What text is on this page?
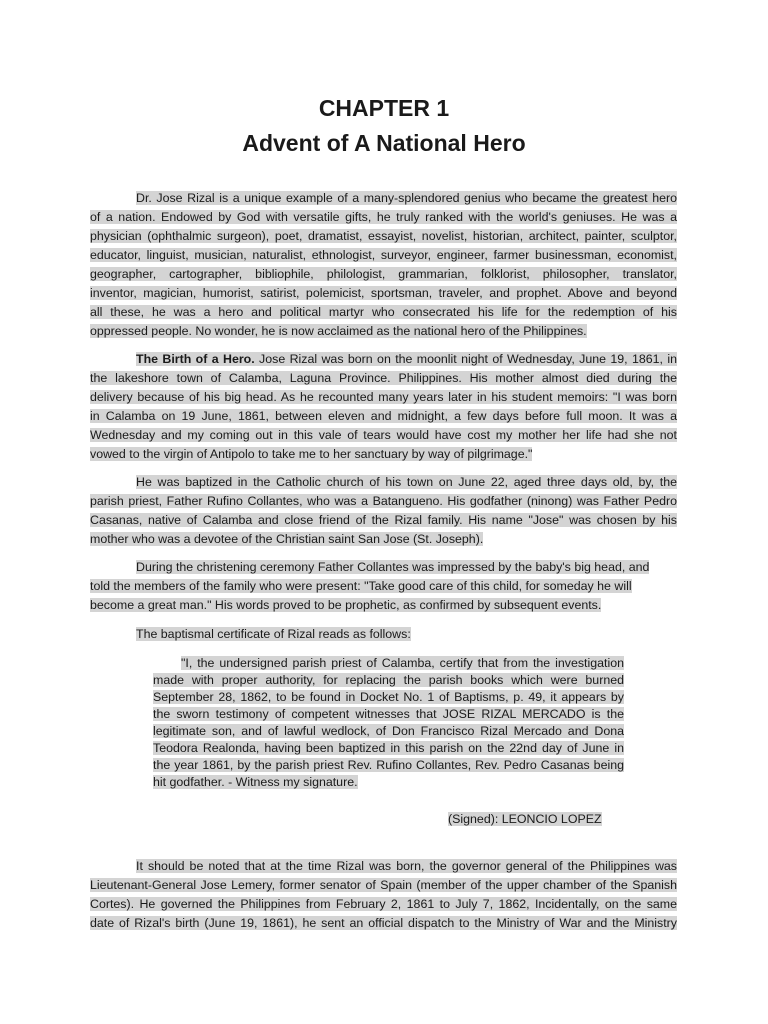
CHAPTER 1
Advent of A National Hero
Dr. Jose Rizal is a unique example of a many-splendored genius who became the greatest hero
of a nation. Endowed by God with versatile gifts, he truly ranked with the world's geniuses. He was a
physician (ophthalmic surgeon), poet, dramatist, essayist, novelist, historian, architect, painter, sculptor,
educator, linguist, musician, naturalist, ethnologist, surveyor, engineer, farmer businessman, economist,
geographer, cartographer, bibliophile, philologist, grammarian, folklorist, philosopher, translator,
inventor, magician, humorist, satirist, polemicist, sportsman, traveler, and prophet. Above and beyond
all these, he was a hero and political martyr who consecrated his life for the redemption of his
oppressed people. No wonder, he is now acclaimed as the national hero of the Philippines.
The Birth of a Hero. Jose Rizal was born on the moonlit night of Wednesday, June 19, 1861, in
the lakeshore town of Calamba, Laguna Province. Philippines. His mother almost died during the
delivery because of his big head. As he recounted many years later in his student memoirs: "I was born
in Calamba on 19 June, 1861, between eleven and midnight, a few days before full moon. It was a
Wednesday and my coming out in this vale of tears would have cost my mother her life had she not
vowed to the virgin of Antipolo to take me to her sanctuary by way of pilgrimage."
He was baptized in the Catholic church of his town on June 22, aged three days old, by, the
parish priest, Father Rufino Collantes, who was a Batangueno. His godfather (ninong) was Father Pedro
Casanas, native of Calamba and close friend of the Rizal family. His name "Jose" was chosen by his
mother who was a devotee of the Christian saint San Jose (St. Joseph).
During the christening ceremony Father Collantes was impressed by the baby's big head, and
told the members of the family who were present: "Take good care of this child, for someday he will
become a great man." His words proved to be prophetic, as confirmed by subsequent events.
The baptismal certificate of Rizal reads as follows:
"I, the undersigned parish priest of Calamba, certify that from the investigation
made with proper authority, for replacing the parish books which were burned
September 28, 1862, to be found in Docket No. 1 of Baptisms, p. 49, it appears by
the sworn testimony of competent witnesses that JOSE RIZAL MERCADO is the
legitimate son, and of lawful wedlock, of Don Francisco Rizal Mercado and Dona
Teodora Realonda, having been baptized in this parish on the 22nd day of June in
the year 1861, by the parish priest Rev. Rufino Collantes, Rev. Pedro Casanas being
hit godfather. - Witness my signature.
(Signed): LEONCIO LOPEZ
It should be noted that at the time Rizal was born, the governor general of the Philippines was
Lieutenant-General Jose Lemery, former senator of Spain (member of the upper chamber of the Spanish
Cortes). He governed the Philippines from February 2, 1861 to July 7, 1862, Incidentally, on the same
date of Rizal's birth (June 19, 1861), he sent an official dispatch to the Ministry of War and the Ministry
